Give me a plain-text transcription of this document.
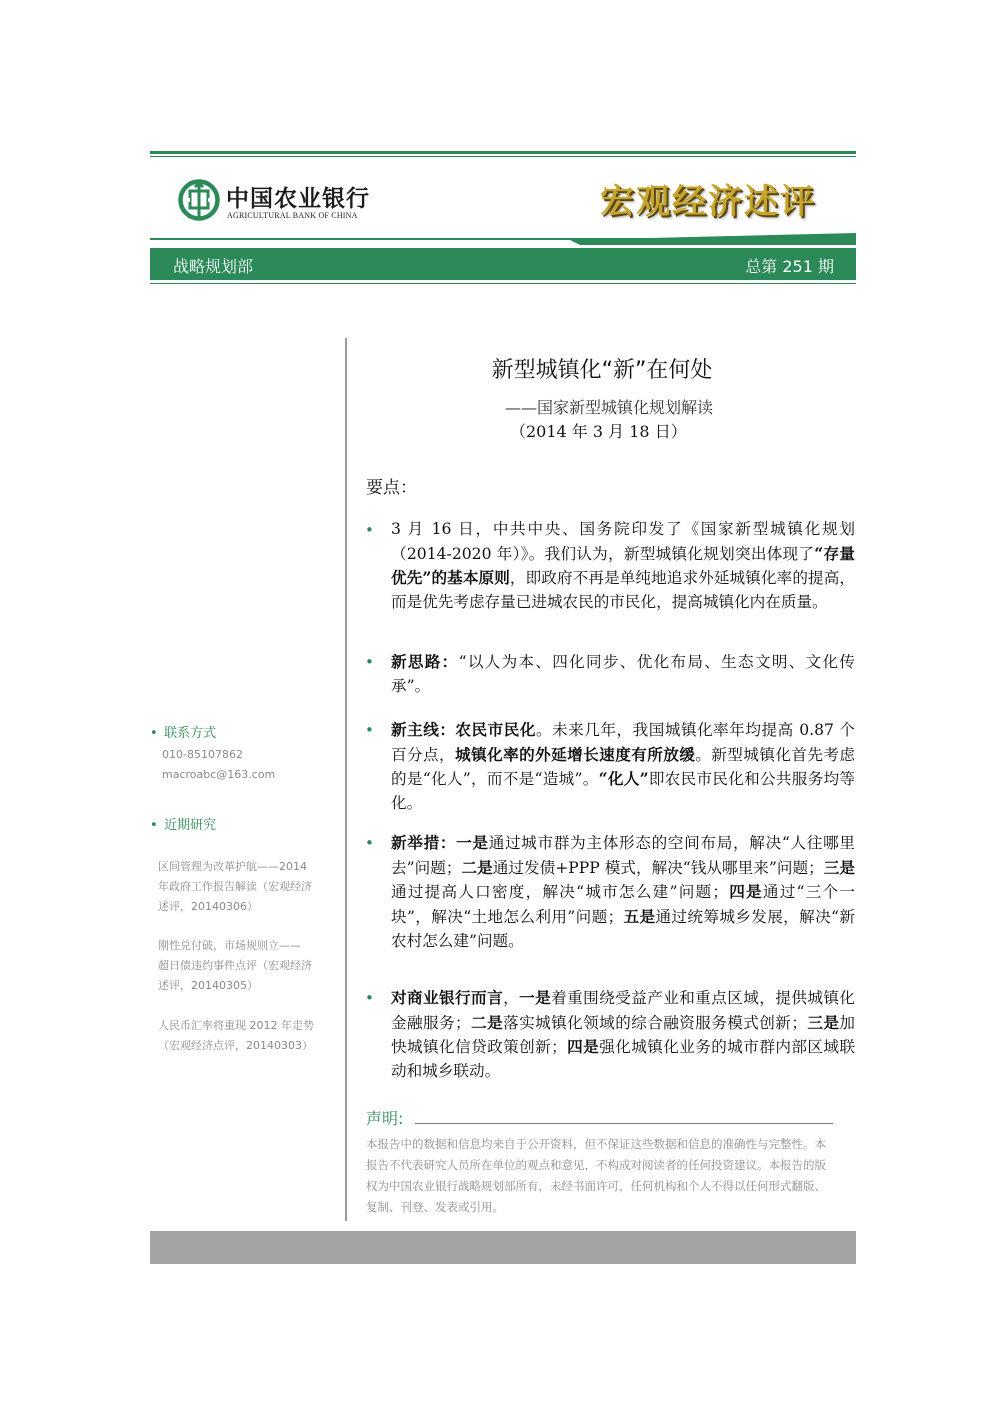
中国农业银行
AGRICULTURAL BANK OF CHINA	宏观经济述评
战略规划部	总第 251 期
• 联系方式
010-85107862
macroabc@163.com
• 近期研究
区间管理为改革护航——2014
年政府工作报告解读（宏观经济
述评，20140306）
刚性兑付破，市场规则立——
超日债违约事件点评（宏观经济
述评，20140305）
人民币汇率将重现 2012 年走势
（宏观经济点评，20140303）
新型城镇化“新”在何处
——国家新型城镇化规划解读
（2014 年 3 月 18 日）
要点：
• 3 月 16 日，中共中央、国务院印发了《国家新型城镇化规划（2014-2020 年）》。我们认为，新型城镇化规划突出体现了“存量优先”的基本原则，即政府不再是单纯地追求外延城镇化率的提高，而是优先考虑存量已进城农民的市民化，提高城镇化内在质量。
• 新思路：“以人为本、四化同步、优化布局、生态文明、文化传承”。
• 新主线：农民市民化。未来几年，我国城镇化率年均提高 0.87 个百分点，城镇化率的外延增长速度有所放缓。新型城镇化首先考虑的是“化人”，而不是“造城”。“化人”即农民市民化和公共服务均等化。
• 新举措：一是通过城市群为主体形态的空间布局，解决“人往哪里去”问题；二是通过发债+PPP 模式，解决“钱从哪里来”问题；三是通过提高人口密度，解决“城市怎么建”问题；四是通过“三个一块”，解决“土地怎么利用”问题；五是通过统筹城乡发展，解决“新农村怎么建”问题。
• 对商业银行而言，一是着重围绕受益产业和重点区域，提供城镇化金融服务；二是落实城镇化领域的综合融资服务模式创新；三是加快城镇化信贷政策创新；四是强化城镇化业务的城市群内部区域联动和城乡联动。
声明:
本报告中的数据和信息均来自于公开资料，但不保证这些数据和信息的准确性与完整性。本报告不代表研究人员所在单位的观点和意见，不构成对阅读者的任何投资建议。本报告的版权为中国农业银行战略规划部所有，未经书面许可，任何机构和个人不得以任何形式翻版、复制、刊登、发表或引用。
